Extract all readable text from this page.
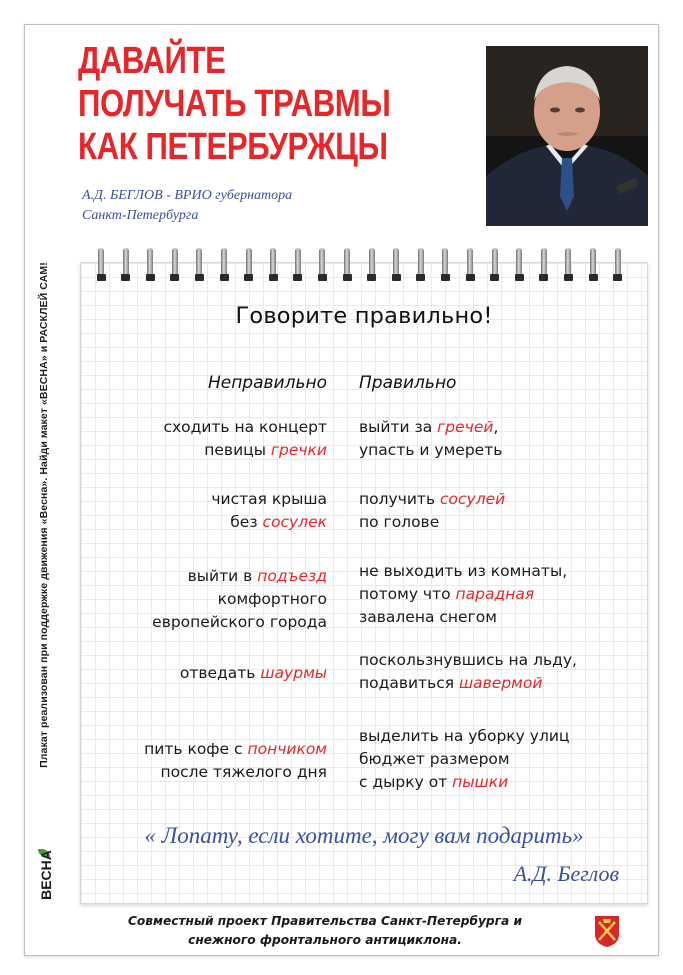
Плакат реализован при поддержке движения «Весна». Найди макет «ВЕСНА» и РАСКЛЕЙ САМ!
ВЕСНА
ДАВАЙТЕ
ПОЛУЧАТЬ ТРАВМЫ
КАК ПЕТЕРБУРЖЦЫ
А.Д. БЕГЛОВ - ВРИО губернатора
Санкт-Петербурга
Говорите правильно!
Неправильно Правильно
сходить на концерт
певицы гречки
выйти за гречей,
упасть и умереть
чистая крыша
без сосулек
получить сосулей
по голове
выйти в подъезд
комфортного
европейского города
не выходить из комнаты,
потому что парадная
завалена снегом
отведать шаурмы
поскользнувшись на льду,
подавиться шавермой
пить кофе с пончиком
после тяжелого дня
выделить на уборку улиц
бюджет размером
с дырку от пышки
« Лопату, если хотите, могу вам подарить»
А.Д. Беглов
Совместный проект Правительства Санкт-Петербурга и
снежного фронтального антициклона.
